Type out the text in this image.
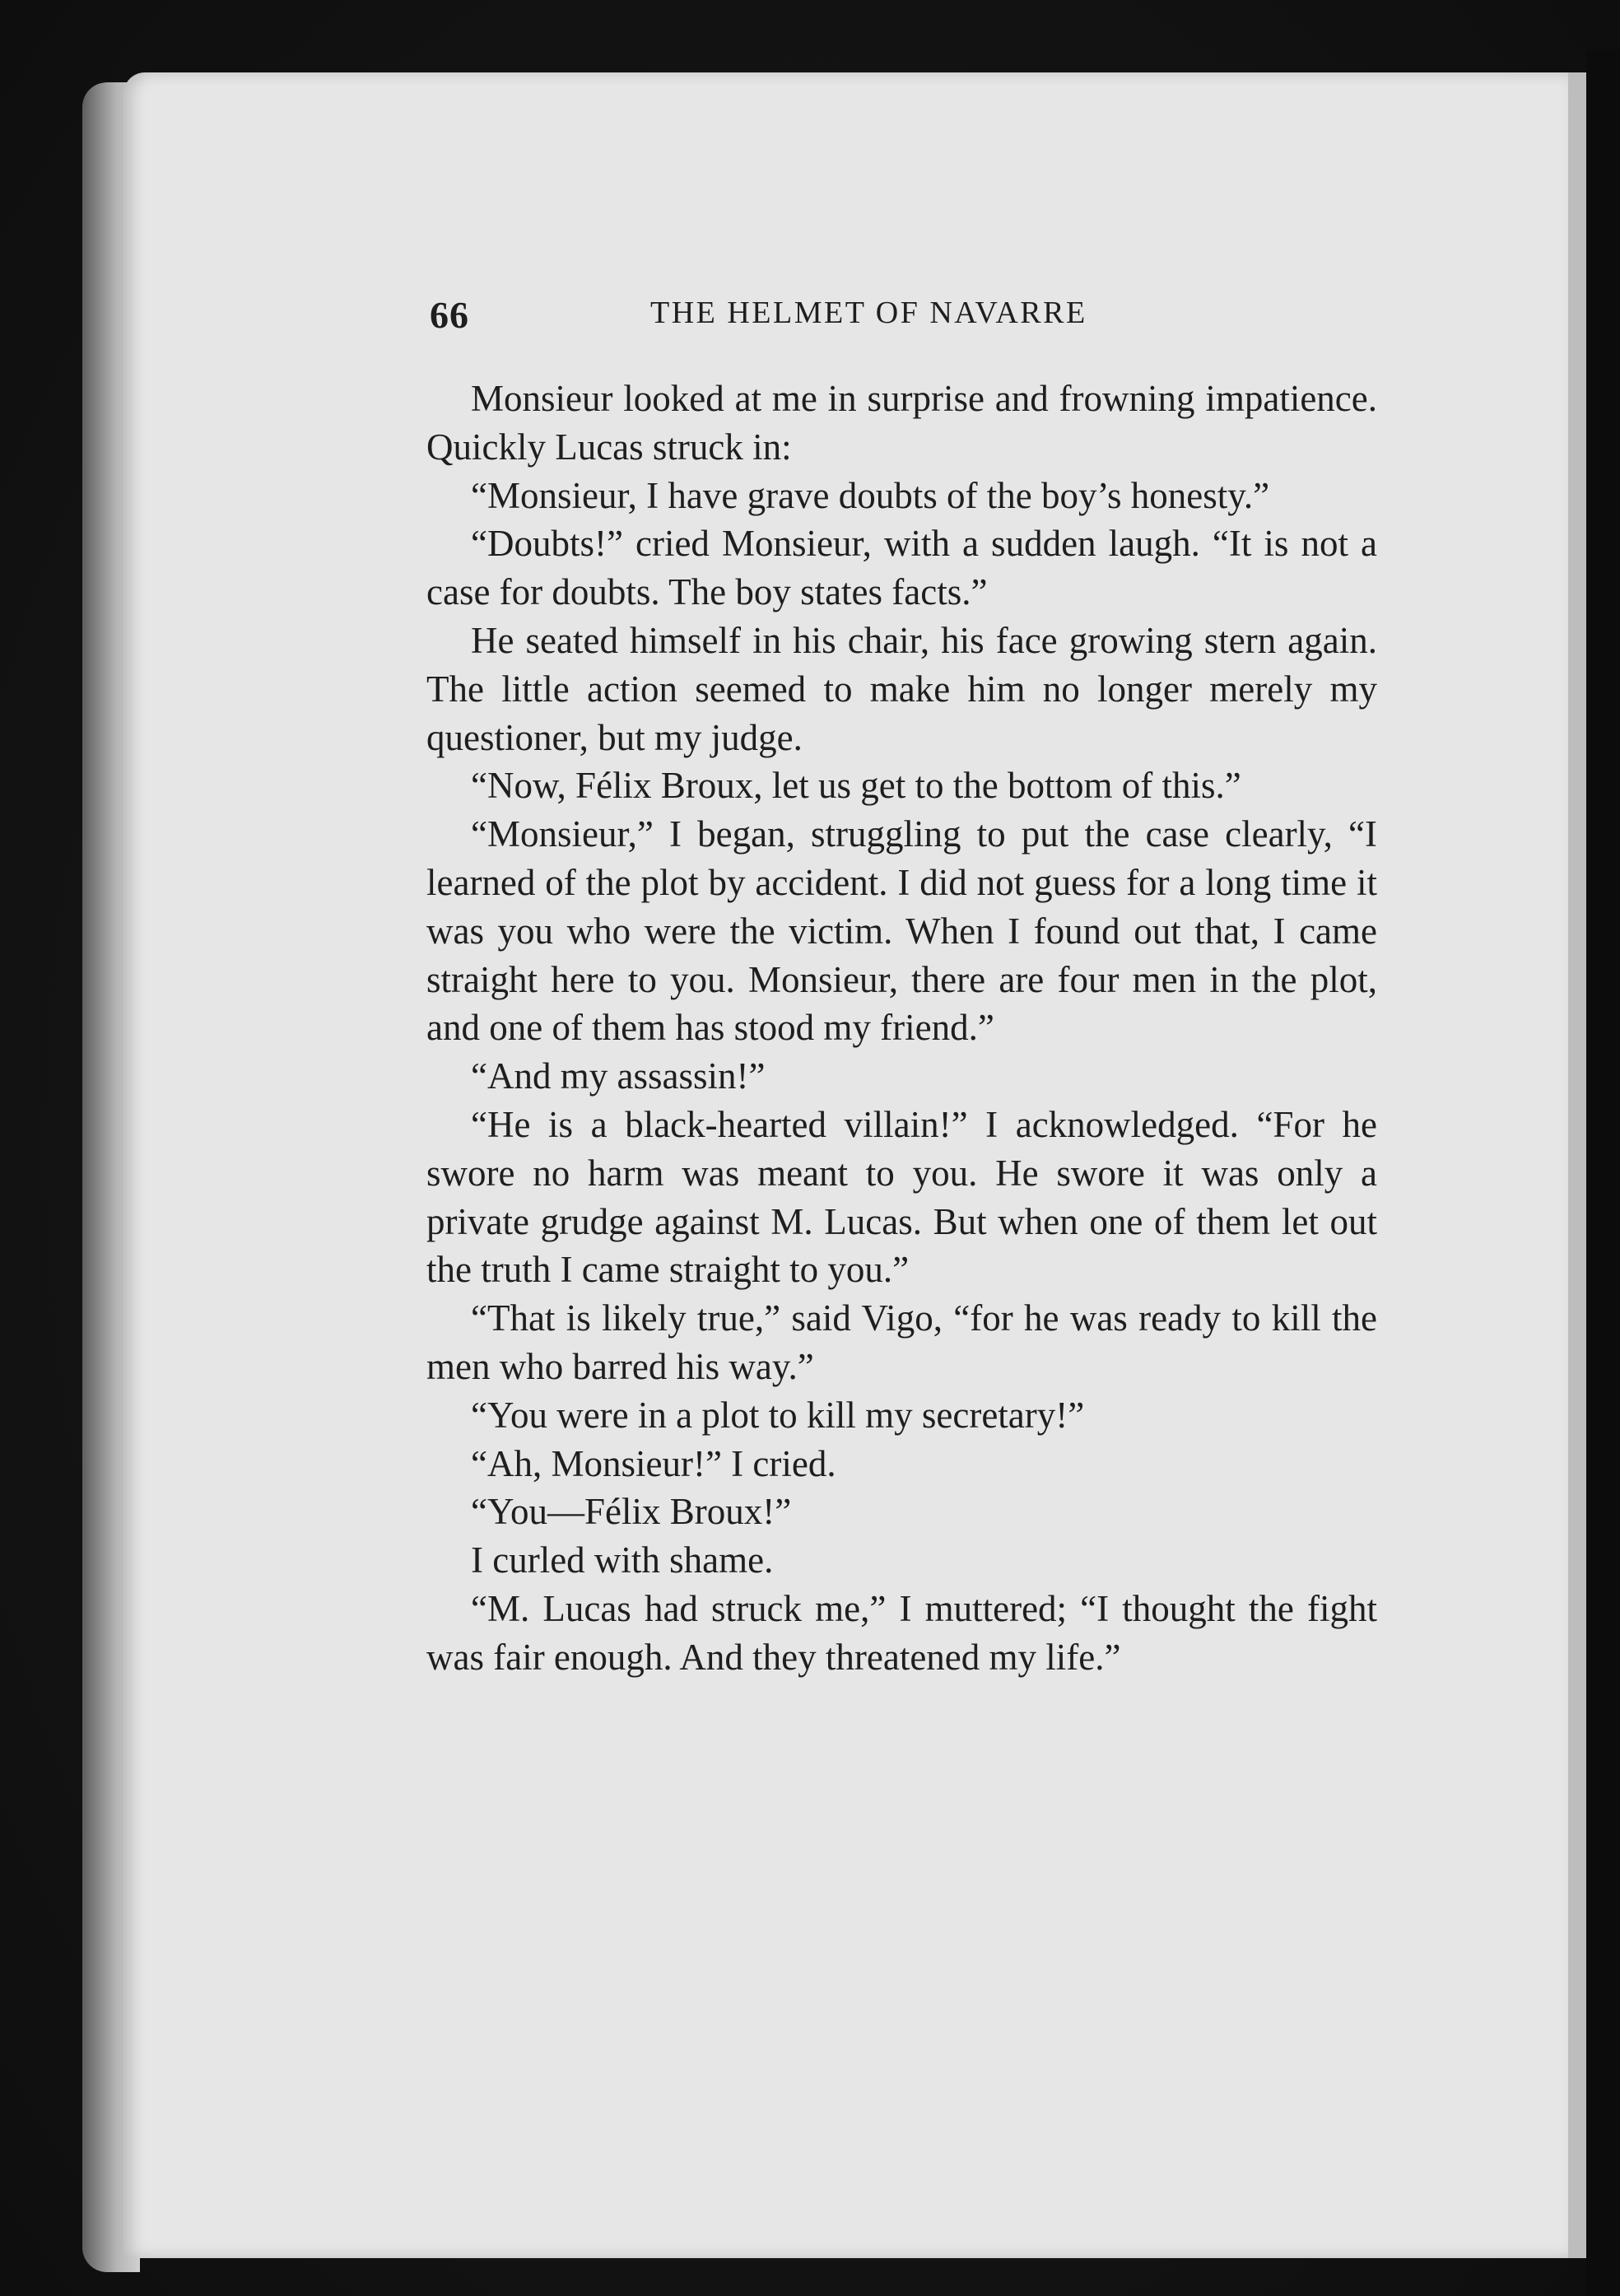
66	THE HELMET OF NAVARRE

Monsieur looked at me in surprise and frowning impatience. Quickly Lucas struck in:

“Monsieur, I have grave doubts of the boy’s honesty.”

“Doubts!” cried Monsieur, with a sudden laugh. “It is not a case for doubts. The boy states facts.”

He seated himself in his chair, his face growing stern again. The little action seemed to make him no longer merely my questioner, but my judge.

“Now, Félix Broux, let us get to the bottom of this.”

“Monsieur,” I began, struggling to put the case clearly, “I learned of the plot by accident. I did not guess for a long time it was you who were the victim. When I found out that, I came straight here to you. Monsieur, there are four men in the plot, and one of them has stood my friend.”

“And my assassin!”

“He is a black-hearted villain!” I acknowledged. “For he swore no harm was meant to you. He swore it was only a private grudge against M. Lucas. But when one of them let out the truth I came straight to you.”

“That is likely true,” said Vigo, “for he was ready to kill the men who barred his way.”

“You were in a plot to kill my secretary!”

“Ah, Monsieur!” I cried.

“You—Félix Broux!”

I curled with shame.

“M. Lucas had struck me,” I muttered; “I thought the fight was fair enough. And they threatened my life.”
